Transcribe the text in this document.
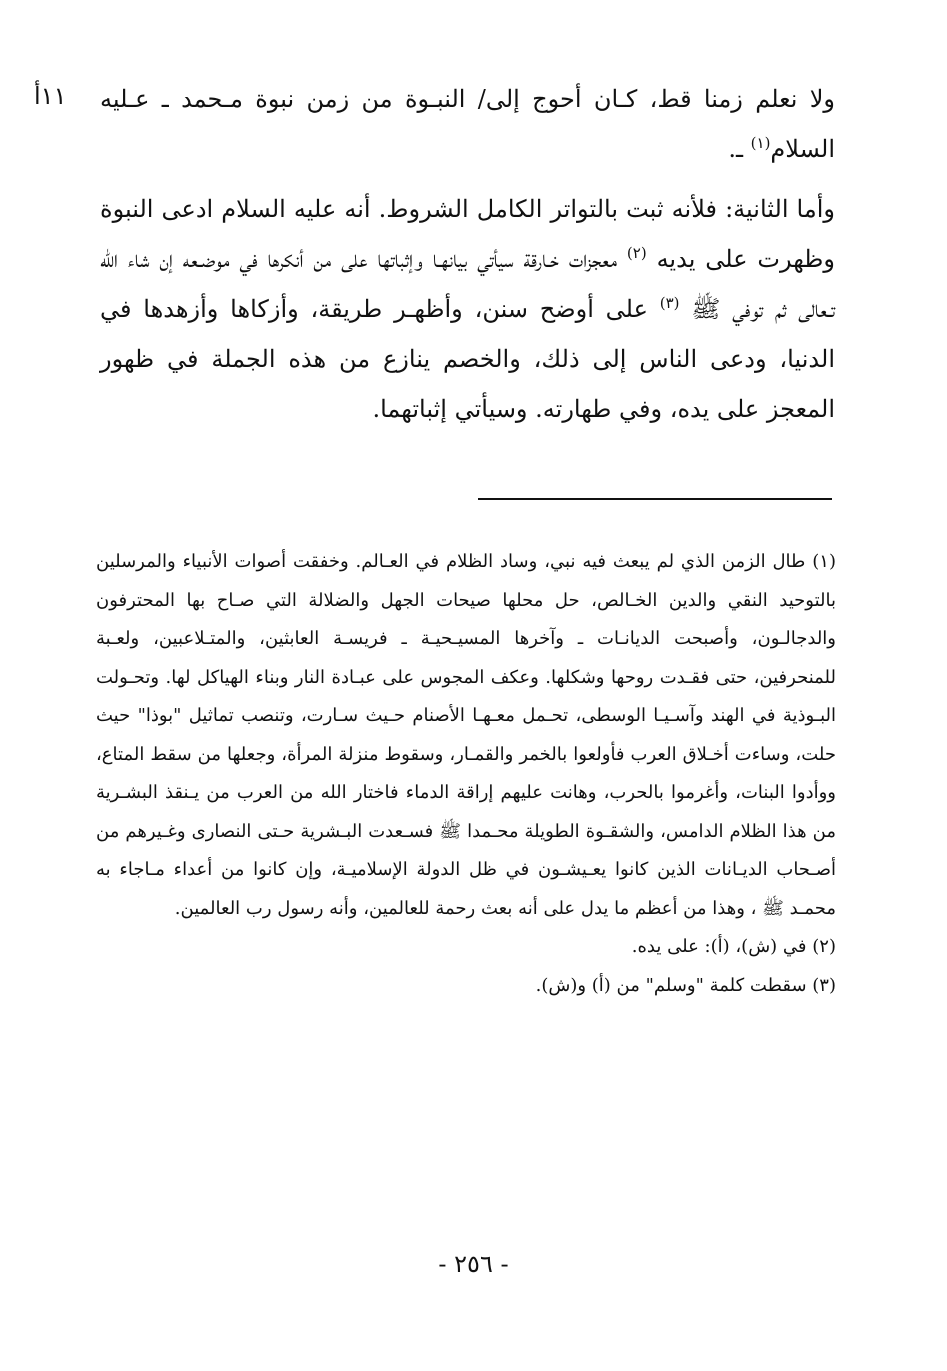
١١أ ولا نعلم زمنا قط، كـان أحوج إلى/ النبـوة من زمن نبوة مـحمد ـ عـليه السلام$^{(١)}$ ـ.

وأما الثانية: فلأنه ثبت بالتواتر الكامل الشروط. أنه عليه السلام ادعى النبوة وظهرت على يديه $^{(٢)}$ معجزات خـارقة سيأتي بيانهـا وإثباتها على من أنكرها في موضـعه إن شاء الله تـعالى ثم توفي ﷺ $^{(٣)}$ على أوضح سنن، وأظهـر طريقة، وأزكاها وأزهدها في الدنيا، ودعى الناس إلى ذلك، والخصم ينازع من هذه الجملة في ظهور المعجز على يده، وفي طهارته. وسيأتي إثباتهما.

(١) طال الزمن الذي لم يبعث فيه نبي، وساد الظلام في العـالم. وخفقت أصوات الأنبياء والمرسلين بالتوحيد النقي والدين الخـالص، حل محلها صيحات الجهل والضلالة التي صـاح بها المحترفون والدجالـون، وأصبحت الديانـات ـ وآخرها المسيـحيـة ـ فريسـة العابثين، والمتـلاعبين، ولعـبة للمنحرفين، حتى فقـدت روحها وشكلها. وعكف المجوس على عبـادة النار وبناء الهياكل لها. وتحـولت البـوذية في الهند وآسـيـا الوسطى، تحـمل معـهـا الأصنام حـيث سـارت، وتنصب تماثيل "بوذا" حيث حلت، وساءت أخـلاق العرب فأولعوا بالخمر والقمـار، وسقوط منزلة المرأة، وجعلها من سقط المتاع، ووأدوا البنات، وأغرموا بالحرب، وهانت عليهم إراقة الدماء فاختار الله من العرب من يـنقذ البشـرية من هذا الظلام الدامس، والشقـوة الطويلة محـمدا ﷺ فسـعدت البـشرية حـتى النصارى وغـيرهم من أصـحاب الديـانات الذين كانوا يعـيشـون في ظل الدولة الإسلاميـة، وإن كانوا من أعداء مـاجاء به محمـد ﷺ ، وهذا من أعظم ما يدل على أنه بعث رحمة للعالمين، وأنه رسول رب العالمين.

(٢) في (ش)، (أ): على يده.

(٣) سقطت كلمة "وسلم" من (أ) و(ش).

- ٢٥٦ -
